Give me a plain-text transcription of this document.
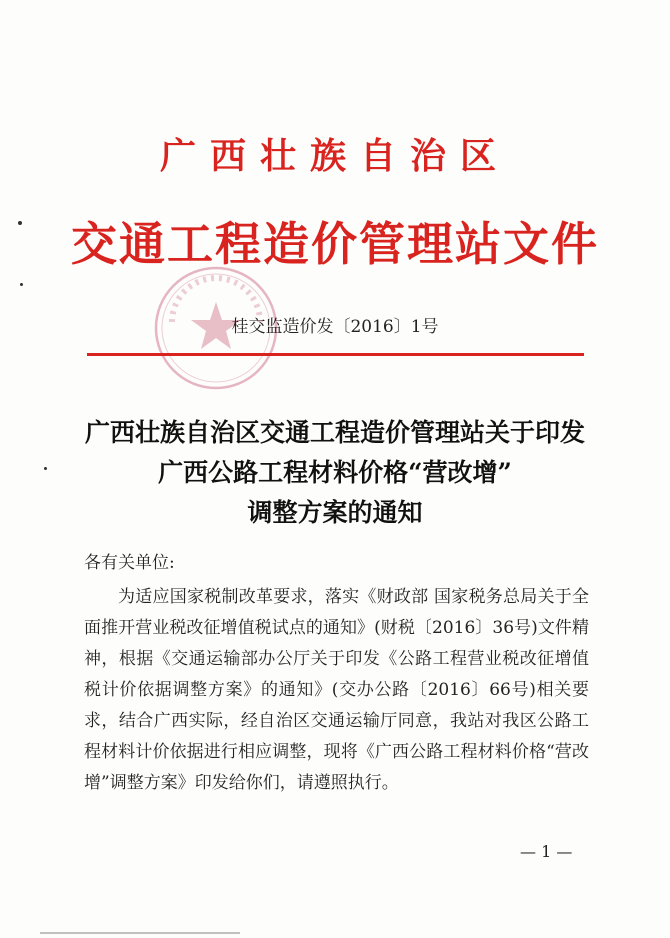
广西壮族自治区
交通工程造价管理站文件
桂交监造价发〔2016〕1号
广西壮族自治区交通工程造价管理站关于印发
广西公路工程材料价格“营改增”
调整方案的通知
各有关单位:
为适应国家税制改革要求，落实《财政部 国家税务总局关于全面推开营业税改征增值税试点的通知》(财税〔2016〕36号)文件精神，根据《交通运输部办公厅关于印发《公路工程营业税改征增值税计价依据调整方案》的通知》(交办公路〔2016〕66号)相关要求，结合广西实际，经自治区交通运输厅同意，我站对我区公路工程材料计价依据进行相应调整，现将《广西公路工程材料价格“营改增”调整方案》印发给你们，请遵照执行。
— 1 —
